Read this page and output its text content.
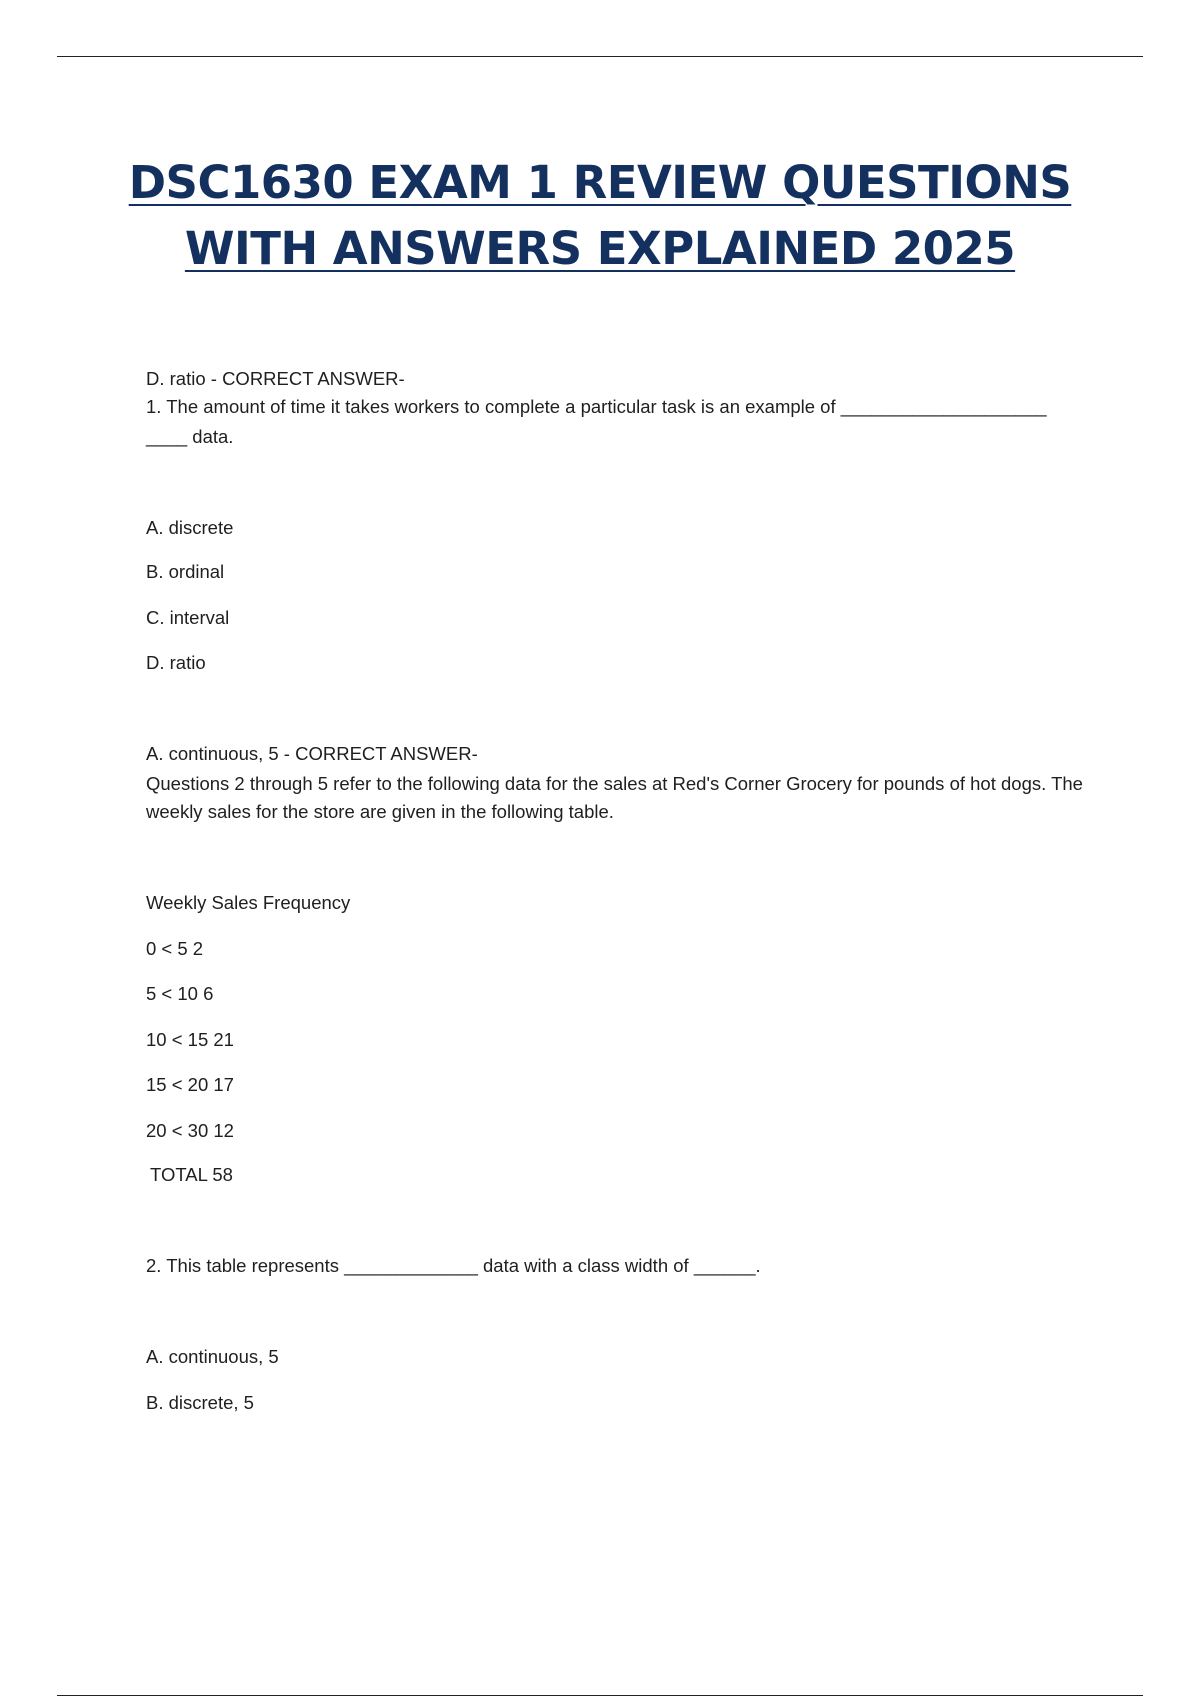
DSC1630 EXAM 1 REVIEW QUESTIONS
WITH ANSWERS EXPLAINED 2025
D. ratio - CORRECT ANSWER-
1. The amount of time it takes workers to complete a particular task is an example of ____________________
____ data.
A. discrete
B. ordinal
C. interval
D. ratio
A. continuous, 5 - CORRECT ANSWER-
Questions 2 through 5 refer to the following data for the sales at Red's Corner Grocery for pounds of hot dogs. The weekly sales for the store are given in the following table.
Weekly Sales Frequency
0 < 5 2
5 < 10 6
10 < 15 21
15 < 20 17
20 < 30 12
TOTAL 58
2. This table represents _____________ data with a class width of ______.
A. continuous, 5
B. discrete, 5
